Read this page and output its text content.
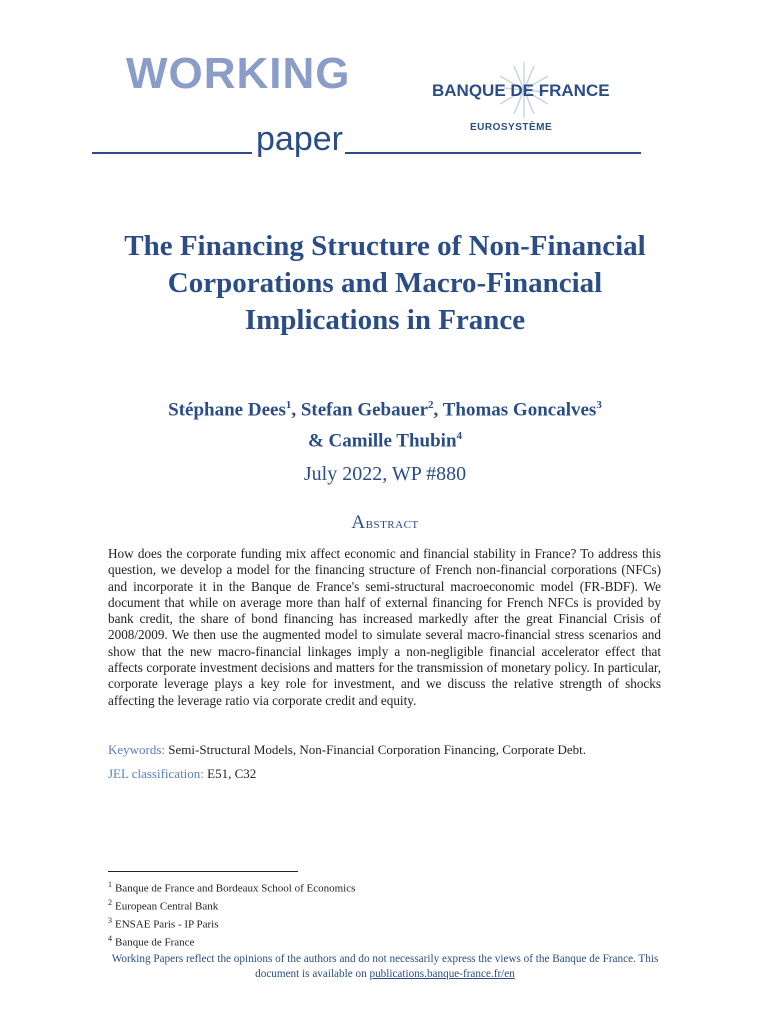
WORKING
paper
BANQUE DE FRANCE
EUROSYSTÈME
The Financing Structure of Non-Financial Corporations and Macro-Financial Implications in France
Stéphane Dees$^1$, Stefan Gebauer$^2$, Thomas Goncalves$^3$
& Camille Thubin$^4$
July 2022, WP #880
Abstract
How does the corporate funding mix affect economic and financial stability in France? To address this question, we develop a model for the financing structure of French non-financial corporations (NFCs) and incorporate it in the Banque de France's semi-structural macroeconomic model (FR-BDF). We document that while on average more than half of external financing for French NFCs is provided by bank credit, the share of bond financing has increased markedly after the great Financial Crisis of 2008/2009. We then use the augmented model to simulate several macro-financial stress scenarios and show that the new macro-financial linkages imply a non-negligible financial accelerator effect that affects corporate investment decisions and matters for the transmission of monetary policy. In particular, corporate leverage plays a key role for investment, and we discuss the relative strength of shocks affecting the leverage ratio via corporate credit and equity.
Keywords: Semi-Structural Models, Non-Financial Corporation Financing, Corporate Debt.
JEL classification: E51, C32
$^1$ Banque de France and Bordeaux School of Economics
$^2$ European Central Bank
$^3$ ENSAE Paris - IP Paris
$^4$ Banque de France
Working Papers reflect the opinions of the authors and do not necessarily express the views of the Banque de France. This document is available on publications.banque-france.fr/en
